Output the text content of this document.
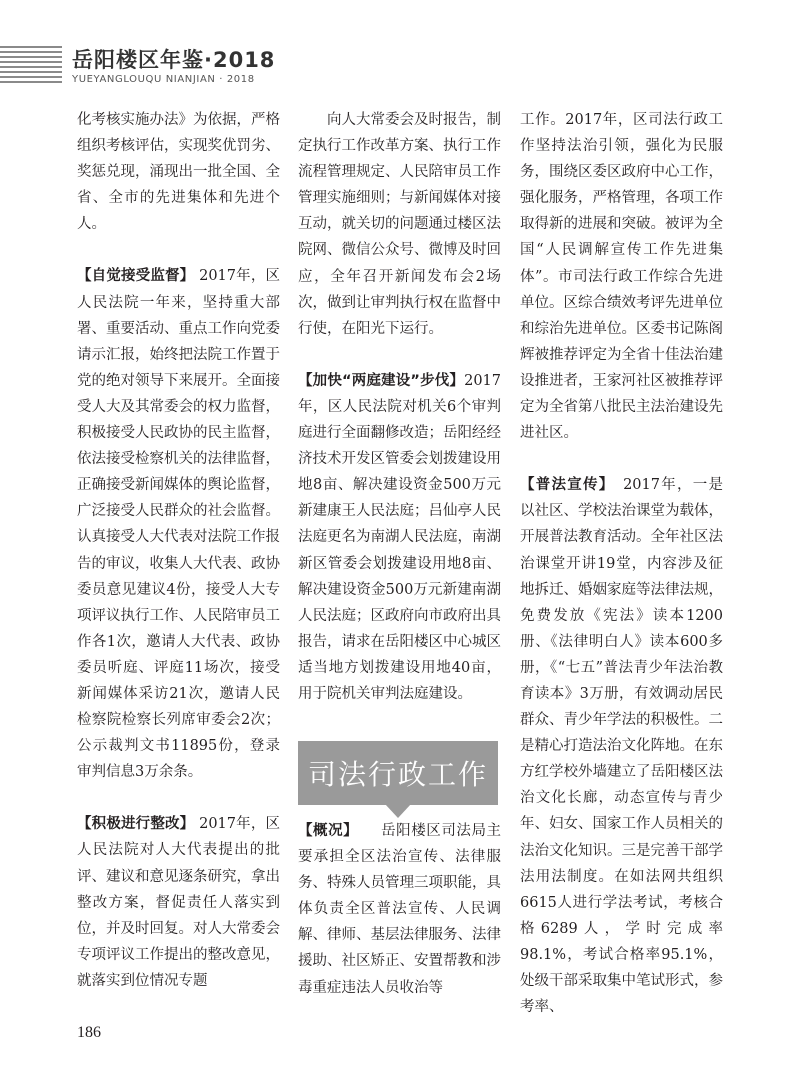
岳阳楼区年鉴·2018
YUEYANGLOUQU NIANJIAN · 2018

化考核实施办法》为依据，严格组织考核评估，实现奖优罚劣、奖惩兑现，涌现出一批全国、全省、全市的先进集体和先进个人。

【自觉接受监督】 2017年，区人民法院一年来，坚持重大部署、重要活动、重点工作向党委请示汇报，始终把法院工作置于党的绝对领导下来展开。全面接受人大及其常委会的权力监督，积极接受人民政协的民主监督，依法接受检察机关的法律监督，正确接受新闻媒体的舆论监督，广泛接受人民群众的社会监督。认真接受人大代表对法院工作报告的审议，收集人大代表、政协委员意见建议4份，接受人大专项评议执行工作、人民陪审员工作各1次，邀请人大代表、政协委员听庭、评庭11场次，接受新闻媒体采访21次，邀请人民检察院检察长列席审委会2次；公示裁判文书11895份，登录审判信息3万余条。

【积极进行整改】 2017年，区人民法院对人大代表提出的批评、建议和意见逐条研究，拿出整改方案，督促责任人落实到位，并及时回复。对人大常委会专项评议工作提出的整改意见，就落实到位情况专题

向人大常委会及时报告，制定执行工作改革方案、执行工作流程管理规定、人民陪审员工作管理实施细则；与新闻媒体对接互动，就关切的问题通过楼区法院网、微信公众号、微博及时回应，全年召开新闻发布会2场次，做到让审判执行权在监督中行使，在阳光下运行。

【加快“两庭建设”步伐】2017年，区人民法院对机关6个审判庭进行全面翻修改造；岳阳经经济技术开发区管委会划拨建设用地8亩、解决建设资金500万元新建康王人民法庭；吕仙亭人民法庭更名为南湖人民法庭，南湖新区管委会划拨建设用地8亩、解决建设资金500万元新建南湖人民法庭；区政府向市政府出具报告，请求在岳阳楼区中心城区适当地方划拨建设用地40亩，用于院机关审判法庭建设。

司法行政工作

【概况】　　岳阳楼区司法局主要承担全区法治宣传、法律服务、特殊人员管理三项职能，具体负责全区普法宣传、人民调解、律师、基层法律服务、法律援助、社区矫正、安置帮教和涉毒重症违法人员收治等

工作。2017年，区司法行政工作坚持法治引领，强化为民服务，围绕区委区政府中心工作，强化服务，严格管理，各项工作取得新的进展和突破。被评为全国“人民调解宣传工作先进集体”。市司法行政工作综合先进单位。区综合绩效考评先进单位和综治先进单位。区委书记陈阁辉被推荐评定为全省十佳法治建设推进者，王家河社区被推荐评定为全省第八批民主法治建设先进社区。

【普法宣传】　2017年，一是以社区、学校法治课堂为载体，开展普法教育活动。全年社区法治课堂开讲19堂，内容涉及征地拆迁、婚姻家庭等法律法规，免费发放《宪法》读本1200册、《法律明白人》读本600多册，《“七五”普法青少年法治教育读本》3万册，有效调动居民群众、青少年学法的积极性。二是精心打造法治文化阵地。在东方红学校外墙建立了岳阳楼区法治文化长廊，动态宣传与青少年、妇女、国家工作人员相关的法治文化知识。三是完善干部学法用法制度。在如法网共组织6615人进行学法考试，考核合格6289人，学时完成率98.1%，考试合格率95.1%，处级干部采取集中笔试形式，参考率、

186
